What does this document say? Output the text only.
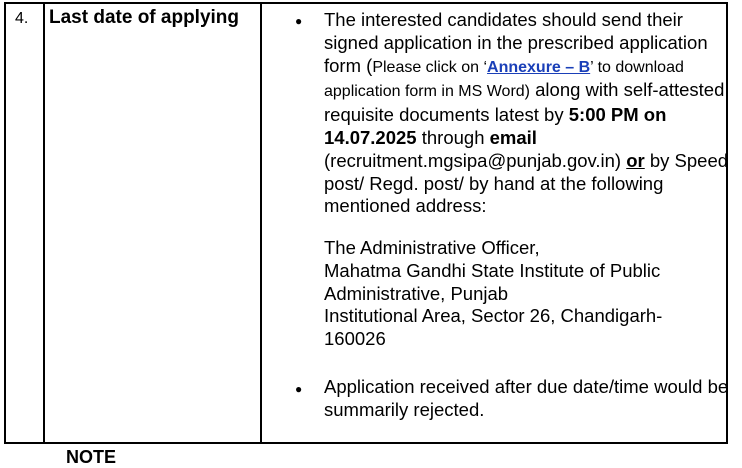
4. Last date of applying	● The interested candidates should send their signed application in the prescribed application form (Please click on ‘Annexure – B’ to download application form in MS Word) along with self-attested requisite documents latest by 5:00 PM on 14.07.2025 through email (recruitment.mgsipa@punjab.gov.in) or by Speed post/ Regd. post/ by hand at the following mentioned address:
The Administrative Officer,
Mahatma Gandhi State Institute of Public
Administrative, Punjab
Institutional Area, Sector 26, Chandigarh-
160026
● Application received after due date/time would be summarily rejected.
NOTE
